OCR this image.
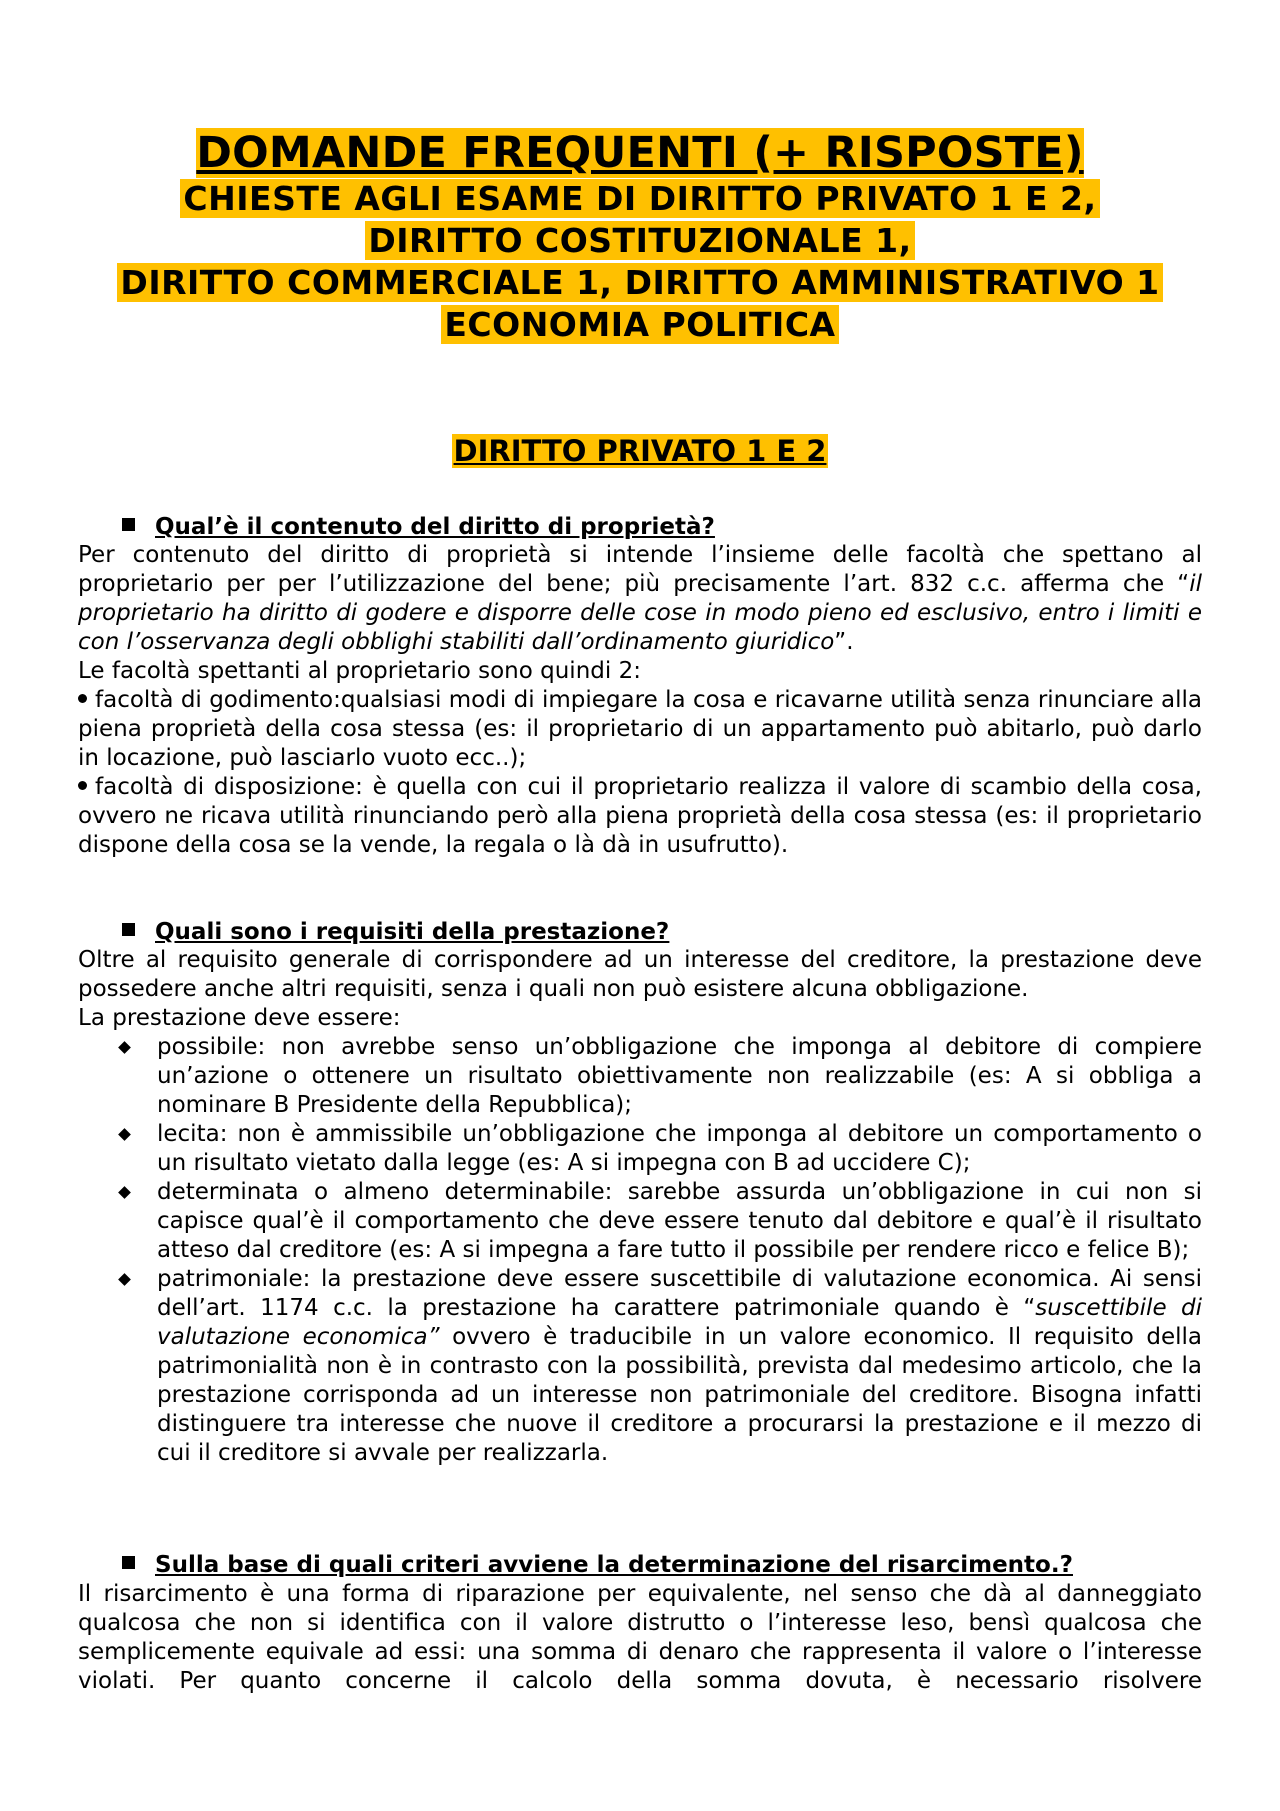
DOMANDE FREQUENTI (+ RISPOSTE)
CHIESTE AGLI ESAME DI DIRITTO PRIVATO 1 E 2,
DIRITTO COSTITUZIONALE 1,
DIRITTO COMMERCIALE 1, DIRITTO AMMINISTRATIVO 1
ECONOMIA POLITICA
DIRITTO PRIVATO 1 E 2
Qual’è il contenuto del diritto di proprietà?

Per contenuto del diritto di proprietà si intende l’insieme delle facoltà che spettano al proprietario per per l’utilizzazione del bene; più precisamente l’art. 832 c.c. afferma che “il proprietario ha diritto di godere e disporre delle cose in modo pieno ed esclusivo, entro i limiti e con l’osservanza degli obblighi stabiliti dall’ordinamento giuridico”.

Le facoltà spettanti al proprietario sono quindi 2:

facoltà di godimento:qualsiasi modi di impiegare la cosa e ricavarne utilità senza rinunciare alla piena proprietà della cosa stessa (es: il proprietario di un appartamento può abitarlo, può darlo in locazione, può lasciarlo vuoto ecc..);

facoltà di disposizione: è quella con cui il proprietario realizza il valore di scambio della cosa, ovvero ne ricava utilità rinunciando però alla piena proprietà della cosa stessa (es: il proprietario dispone della cosa se la vende, la regala o là dà in usufrutto).

Quali sono i requisiti della prestazione?

Oltre al requisito generale di corrispondere ad un interesse del creditore, la prestazione deve possedere anche altri requisiti, senza i quali non può esistere alcuna obbligazione.

La prestazione deve essere:

possibile: non avrebbe senso un’obbligazione che imponga al debitore di compiere un’azione o ottenere un risultato obiettivamente non realizzabile (es: A si obbliga a nominare B Presidente della Repubblica);
lecita: non è ammissibile un’obbligazione che imponga al debitore un comportamento o un risultato vietato dalla legge (es: A si impegna con B ad uccidere C);
determinata o almeno determinabile: sarebbe assurda un’obbligazione in cui non si capisce qual’è il comportamento che deve essere tenuto dal debitore e qual’è il risultato atteso dal creditore (es: A si impegna a fare tutto il possibile per rendere ricco e felice B);
patrimoniale: la prestazione deve essere suscettibile di valutazione economica. Ai sensi dell’art. 1174 c.c. la prestazione ha carattere patrimoniale quando è “suscettibile di valutazione economica” ovvero è traducibile in un valore economico. Il requisito della patrimonialità non è in contrasto con la possibilità, prevista dal medesimo articolo, che la prestazione corrisponda ad un interesse non patrimoniale del creditore. Bisogna infatti distinguere tra interesse che nuove il creditore a procurarsi la prestazione e il mezzo di cui il creditore si avvale per realizzarla.
Sulla base di quali criteri avviene la determinazione del risarcimento.?

Il risarcimento è una forma di riparazione per equivalente, nel senso che dà al danneggiato qualcosa che non si identifica con il valore distrutto o l’interesse leso, bensì qualcosa che semplicemente equivale ad essi: una somma di denaro che rappresenta il valore o l’interesse violati. Per quanto concerne il calcolo della somma dovuta, è necessario risolvere
